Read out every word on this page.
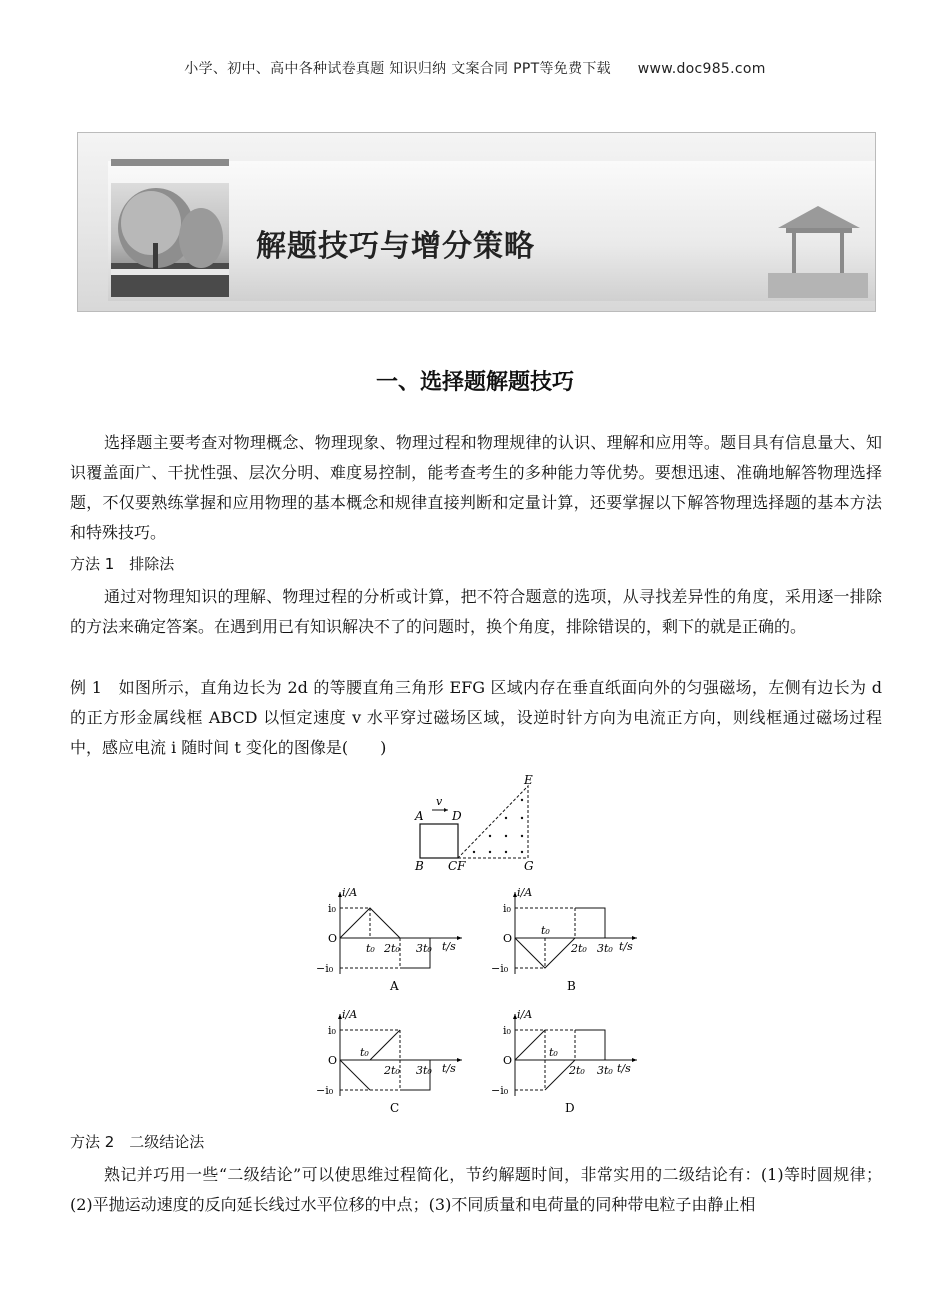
小学、初中、高中各种试卷真题 知识归纳 文案合同 PPT等免费下载 www.doc985.com
解题技巧与增分策略
一、选择题解题技巧
选择题主要考查对物理概念、物理现象、物理过程和物理规律的认识、理解和应用等。题目具有信息量大、知识覆盖面广、干扰性强、层次分明、难度易控制，能考查考生的多种能力等优势。要想迅速、准确地解答物理选择题，不仅要熟练掌握和应用物理的基本概念和规律直接判断和定量计算，还要掌握以下解答物理选择题的基本方法和特殊技巧。
方法 1　排除法
通过对物理知识的理解、物理过程的分析或计算，把不符合题意的选项，从寻找差异性的角度，采用逐一排除的方法来确定答案。在遇到用已有知识解决不了的问题时，换个角度，排除错误的，剩下的就是正确的。
例 1　如图所示，直角边长为 2d 的等腰直角三角形 EFG 区域内存在垂直纸面向外的匀强磁场，左侧有边长为 d 的正方形金属线框 ABCD 以恒定速度 v 水平穿过磁场区域，设逆时针方向为电流正方向，则线框通过磁场过程中，感应电流 i 随时间 t 变化的图像是(　　)
v
A D
B CF
E
G
i/A
i₀
O
−i₀
t₀ 2t₀ 3t₀ t/s
A
i/A
i₀
O
−i₀
t₀
2t₀ 3t₀ t/s
B
i/A
i₀
O
−i₀
t₀
2t₀ 3t₀ t/s
C
i/A
i₀
O
−i₀
t₀
2t₀ 3t₀ t/s
D
方法 2　二级结论法
熟记并巧用一些“二级结论”可以使思维过程简化，节约解题时间，非常实用的二级结论有：(1)等时圆规律；(2)平抛运动速度的反向延长线过水平位移的中点；(3)不同质量和电荷量的同种带电粒子由静止相
